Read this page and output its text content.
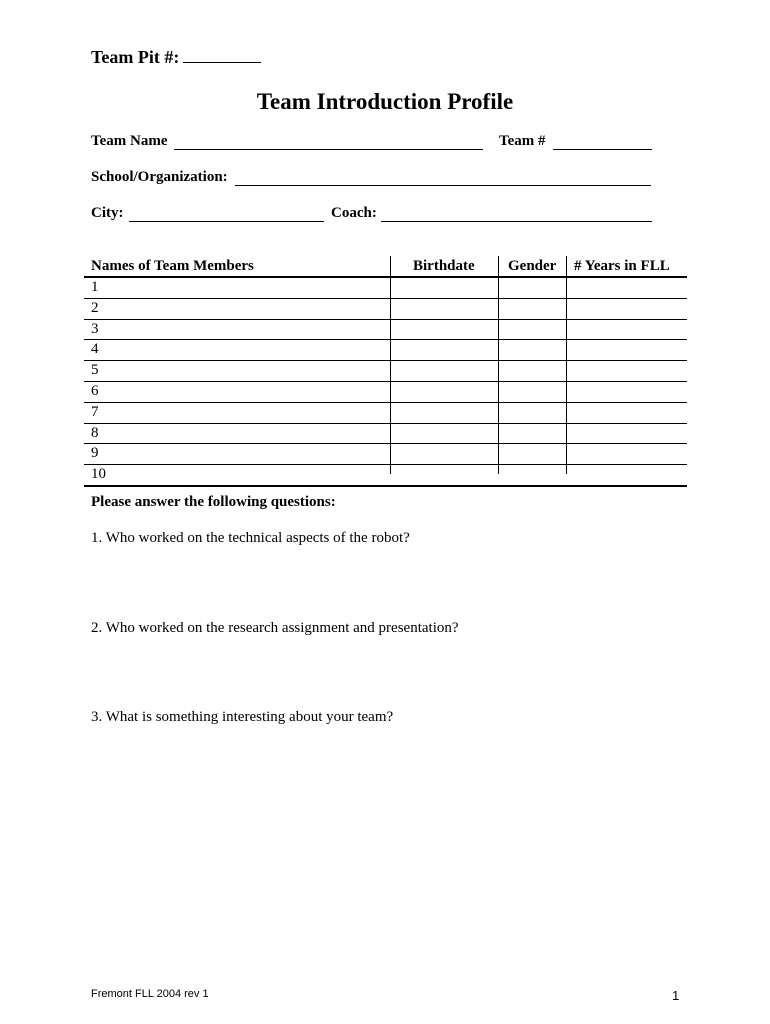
Team Pit #:
Team Introduction Profile
Team Name	Team #
School/Organization:
City:	Coach:
Names of Team Members	Birthdate Gender # Years in FLL
1
2
3
4
5
6
7
8
9
10
Please answer the following questions:
1. Who worked on the technical aspects of the robot?
2. Who worked on the research assignment and presentation?
3. What is something interesting about your team?
Fremont FLL 2004 rev 1	1
